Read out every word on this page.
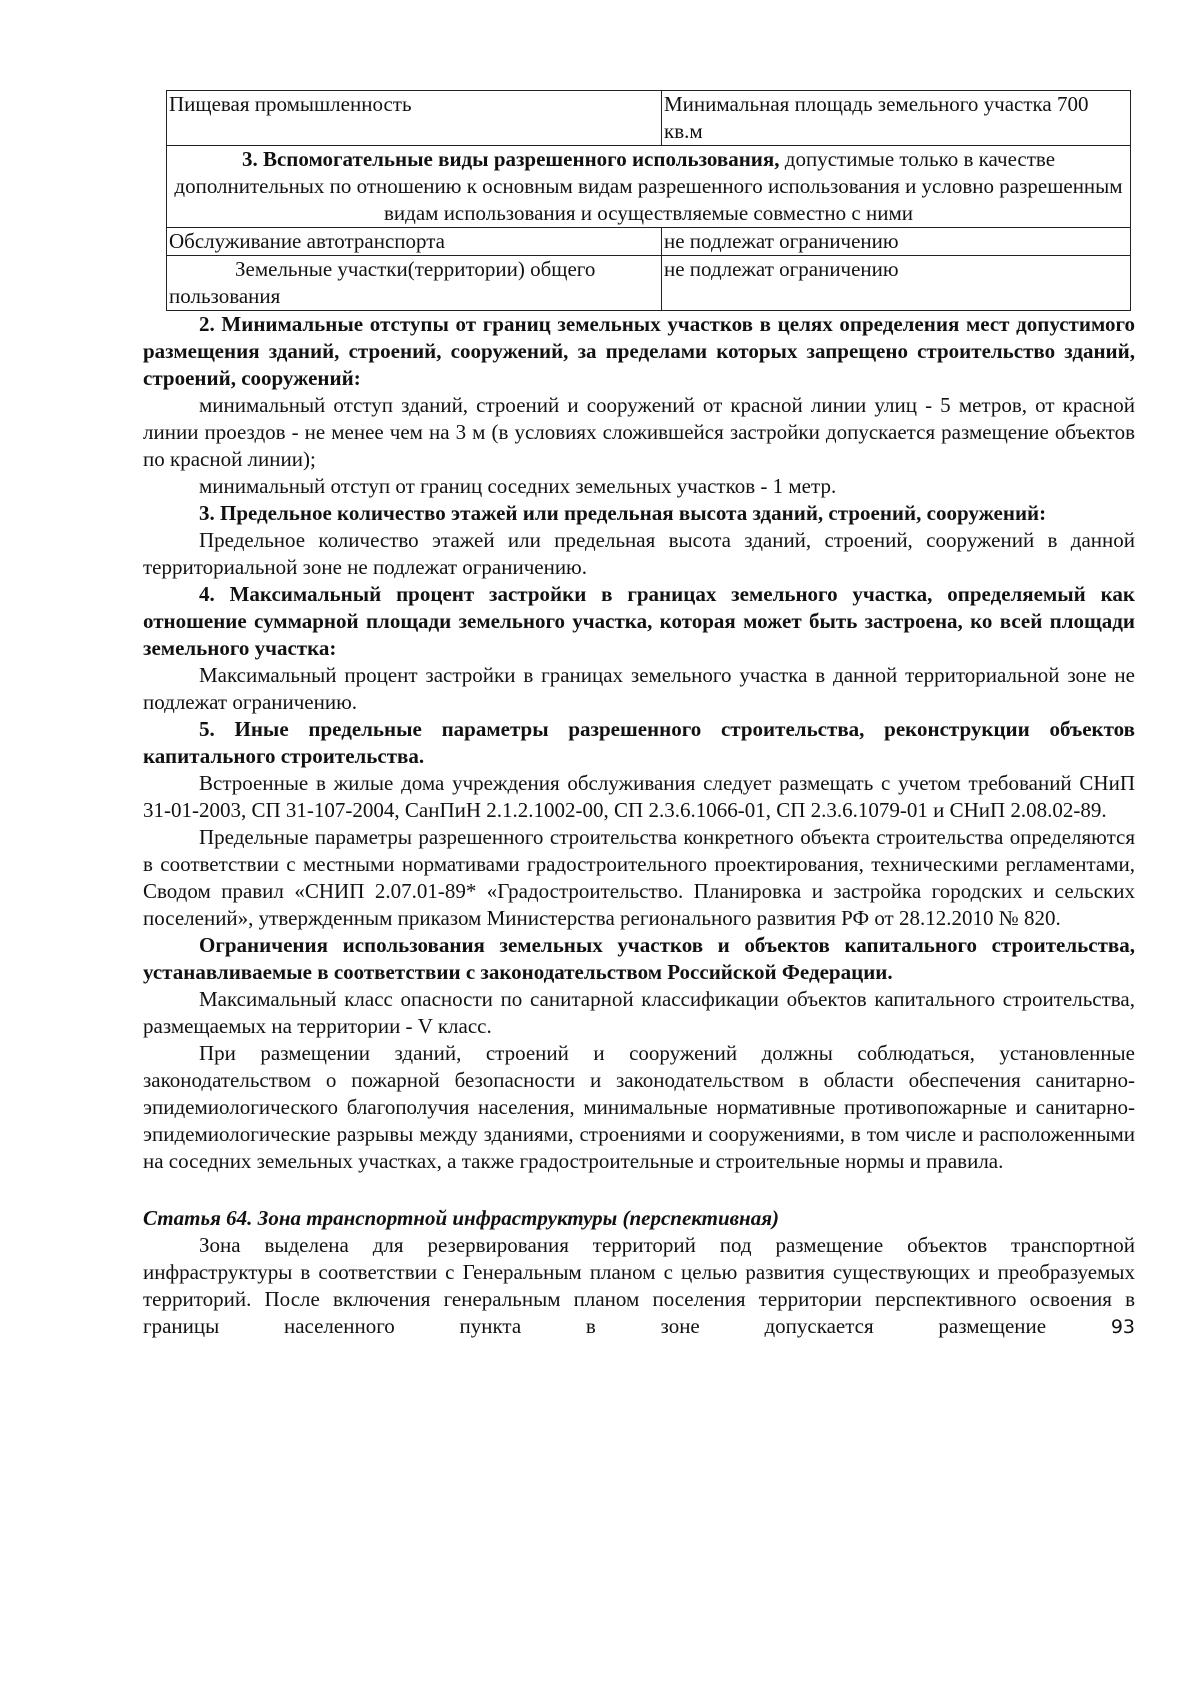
Пищевая промышленность	Минимальная площадь земельного участка 700 кв.м
3. Вспомогательные виды разрешенного использования, допустимые только в качестве дополнительных по отношению к основным видам разрешенного использования и условно разрешенным видам использования и осуществляемые совместно с ними	
Обслуживание автотранспорта	не подлежат ограничению
Земельные участки(территории) общего пользования	не подлежат ограничению

2. Минимальные отступы от границ земельных участков в целях определения мест допустимого размещения зданий, строений, сооружений, за пределами которых запрещено строительство зданий, строений, сооружений:

минимальный отступ зданий, строений и сооружений от красной линии улиц - 5 метров, от красной линии проездов - не менее чем на 3 м (в условиях сложившейся застройки допускается размещение объектов по красной линии);

минимальный отступ от границ соседних земельных участков - 1 метр.

3. Предельное количество этажей или предельная высота зданий, строений, сооружений:

Предельное количество этажей или предельная высота зданий, строений, сооружений в данной территориальной зоне не подлежат ограничению.

4. Максимальный процент застройки в границах земельного участка, определяемый как отношение суммарной площади земельного участка, которая может быть застроена, ко всей площади земельного участка:

Максимальный процент застройки в границах земельного участка в данной территориальной зоне не подлежат ограничению.

5. Иные предельные параметры разрешенного строительства, реконструкции объектов капитального строительства.

Встроенные в жилые дома учреждения обслуживания следует размещать с учетом требований СНиП 31-01-2003, СП 31-107-2004, СанПиН 2.1.2.1002-00, СП 2.3.6.1066-01, СП 2.3.6.1079-01 и СНиП 2.08.02-89.

Предельные параметры разрешенного строительства конкретного объекта строительства определяются в соответствии с местными нормативами градостроительного проектирования, техническими регламентами, Сводом правил «СНИП 2.07.01-89* «Градостроительство. Планировка и застройка городских и сельских поселений», утвержденным приказом Министерства регионального развития РФ от 28.12.2010 № 820.

Ограничения использования земельных участков и объектов капитального строительства, устанавливаемые в соответствии с законодательством Российской Федерации.

Максимальный класс опасности по санитарной классификации объектов капитального строительства, размещаемых на территории - V класс.

При размещении зданий, строений и сооружений должны соблюдаться, установленные законодательством о пожарной безопасности и законодательством в области обеспечения санитарно-эпидемиологического благополучия населения, минимальные нормативные противопожарные и санитарно-эпидемиологические разрывы между зданиями, строениями и сооружениями, в том числе и расположенными на соседних земельных участках, а также градостроительные и строительные нормы и правила.

Статья 64. Зона транспортной инфраструктуры (перспективная)

Зона выделена для резервирования территорий под размещение объектов транспортной инфраструктуры в соответствии с Генеральным планом с целью развития существующих и преобразуемых территорий. После включения генеральным планом поселения территории перспективного освоения в границы населенного пункта в зоне допускается размещение	93
